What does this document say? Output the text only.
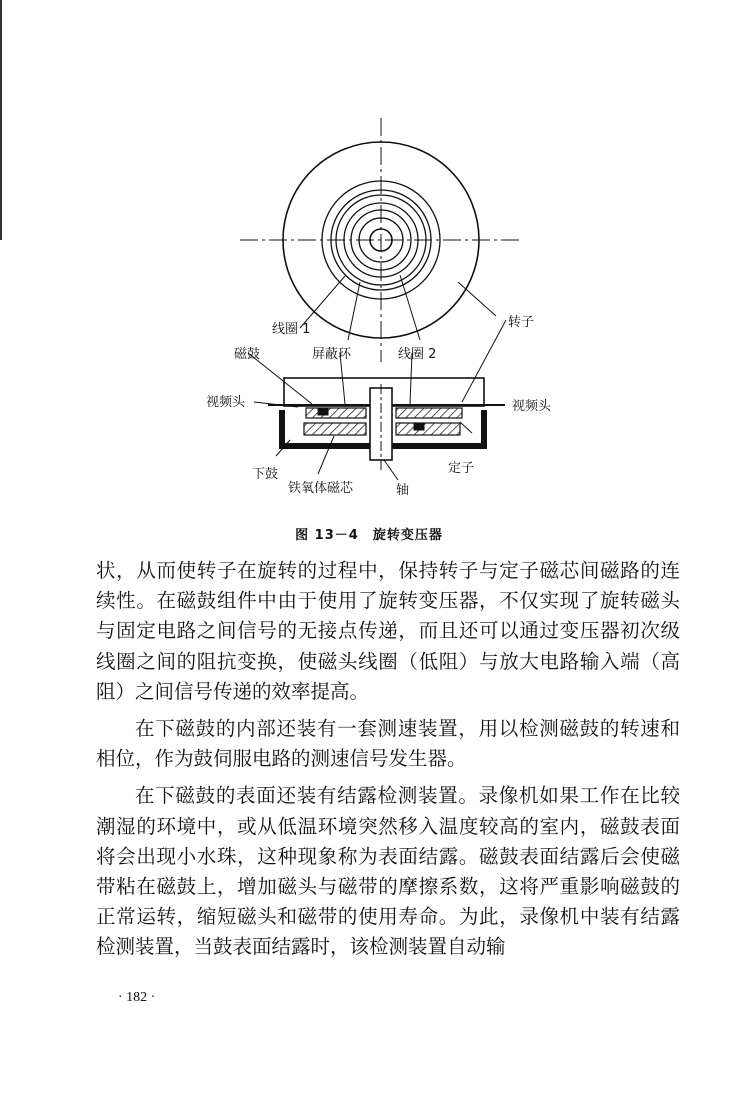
线圈 1
磁鼓	屏蔽环	线圈 2
转子
视频头	视频头
下鼓
铁氧体磁芯	轴
定子
图 13－4　旋转变压器

状，从而使转子在旋转的过程中，保持转子与定子磁芯间磁路的连续性。在磁鼓组件中由于使用了旋转变压器，不仅实现了旋转磁头与固定电路之间信号的无接点传递，而且还可以通过变压器初次级线圈之间的阻抗变换，使磁头线圈（低阻）与放大电路输入端（高阻）之间信号传递的效率提高。

在下磁鼓的内部还装有一套测速装置，用以检测磁鼓的转速和相位，作为鼓伺服电路的测速信号发生器。

在下磁鼓的表面还装有结露检测装置。录像机如果工作在比较潮湿的环境中，或从低温环境突然移入温度较高的室内，磁鼓表面将会出现小水珠，这种现象称为表面结露。磁鼓表面结露后会使磁带粘在磁鼓上，增加磁头与磁带的摩擦系数，这将严重影响磁鼓的正常运转，缩短磁头和磁带的使用寿命。为此，录像机中装有结露检测装置，当鼓表面结露时，该检测装置自动输

· 182 ·
